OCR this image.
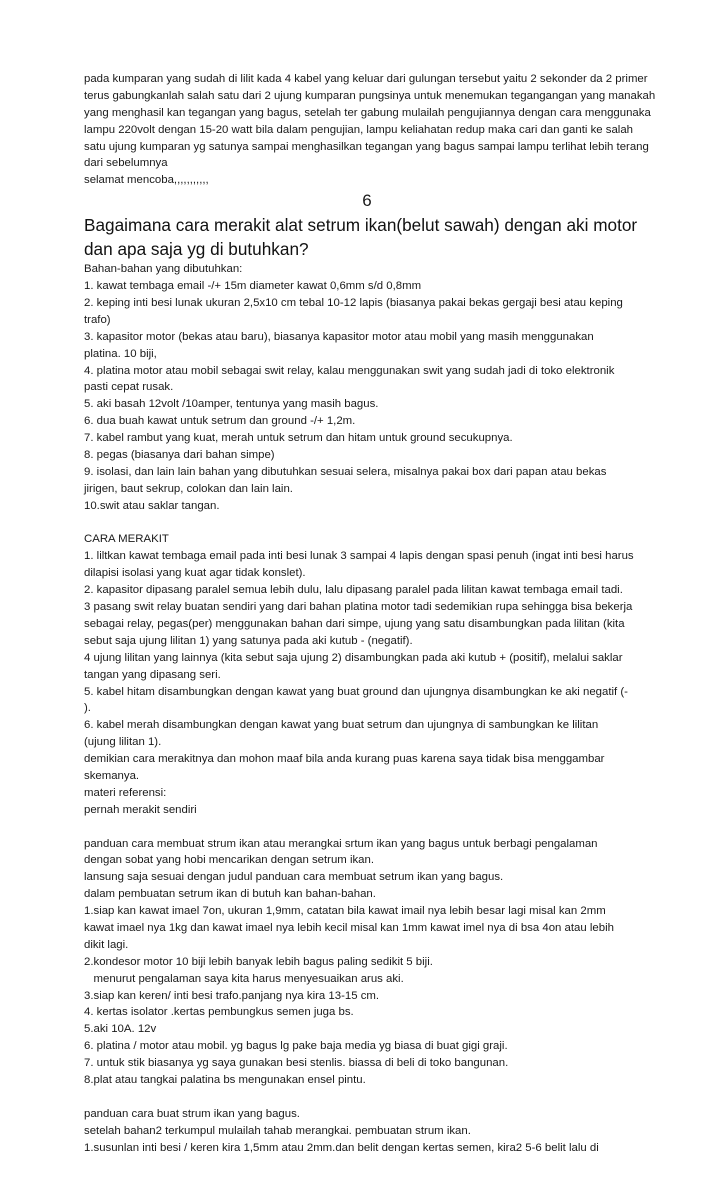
pada kumparan yang sudah di lilit kada 4 kabel yang keluar dari gulungan tersebut yaitu 2 sekonder da 2 primer
terus gabungkanlah salah satu dari 2 ujung kumparan pungsinya untuk menemukan tegangangan yang manakah
yang menghasil kan tegangan yang bagus, setelah ter gabung mulailah pengujiannya dengan cara menggunaka
lampu 220volt dengan 15-20 watt bila dalam pengujian, lampu keliahatan redup maka cari dan ganti ke salah
satu ujung kumparan yg satunya sampai menghasilkan tegangan yang bagus sampai lampu terlihat lebih terang
dari sebelumnya
selamat mencoba,,,,,,,,,,,
6
Bagaimana cara merakit alat setrum ikan(belut sawah) dengan aki motor
dan apa saja yg di butuhkan?
Bahan-bahan yang dibutuhkan:
1. kawat tembaga email -/+ 15m diameter kawat 0,6mm s/d 0,8mm
2. keping inti besi lunak ukuran 2,5x10 cm tebal 10-12 lapis (biasanya pakai bekas gergaji besi atau keping
trafo)
3. kapasitor motor (bekas atau baru), biasanya kapasitor motor atau mobil yang masih menggunakan
platina. 10 biji,
4. platina motor atau mobil sebagai swit relay, kalau menggunakan swit yang sudah jadi di toko elektronik
pasti cepat rusak.
5. aki basah 12volt /10amper, tentunya yang masih bagus.
6. dua buah kawat untuk setrum dan ground -/+ 1,2m.
7. kabel rambut yang kuat, merah untuk setrum dan hitam untuk ground secukupnya.
8. pegas (biasanya dari bahan simpe)
9. isolasi, dan lain lain bahan yang dibutuhkan sesuai selera, misalnya pakai box dari papan atau bekas
jirigen, baut sekrup, colokan dan lain lain.
10.swit atau saklar tangan.
CARA MERAKIT
1. liltkan kawat tembaga email pada inti besi lunak 3 sampai 4 lapis dengan spasi penuh (ingat inti besi harus
dilapisi isolasi yang kuat agar tidak konslet).
2. kapasitor dipasang paralel semua lebih dulu, lalu dipasang paralel pada lilitan kawat tembaga email tadi.
3 pasang swit relay buatan sendiri yang dari bahan platina motor tadi sedemikian rupa sehingga bisa bekerja
sebagai relay, pegas(per) menggunakan bahan dari simpe, ujung yang satu disambungkan pada lilitan (kita
sebut saja ujung lilitan 1) yang satunya pada aki kutub - (negatif).
4 ujung lilitan yang lainnya (kita sebut saja ujung 2) disambungkan pada aki kutub + (positif), melalui saklar
tangan yang dipasang seri.
5. kabel hitam disambungkan dengan kawat yang buat ground dan ujungnya disambungkan ke aki negatif (-
).
6. kabel merah disambungkan dengan kawat yang buat setrum dan ujungnya di sambungkan ke lilitan
(ujung lilitan 1).
demikian cara merakitnya dan mohon maaf bila anda kurang puas karena saya tidak bisa menggambar
skemanya.
materi referensi:
pernah merakit sendiri
panduan cara membuat strum ikan atau merangkai srtum ikan yang bagus untuk berbagi pengalaman
dengan sobat yang hobi mencarikan dengan setrum ikan.
lansung saja sesuai dengan judul panduan cara membuat setrum ikan yang bagus.
dalam pembuatan setrum ikan di butuh kan bahan-bahan.
1.siap kan kawat imael 7on, ukuran 1,9mm, catatan bila kawat imail nya lebih besar lagi misal kan 2mm
kawat imael nya 1kg dan kawat imael nya lebih kecil misal kan 1mm kawat imel nya di bsa 4on atau lebih
dikit lagi.
2.kondesor motor 10 biji lebih banyak lebih bagus paling sedikit 5 biji.
menurut pengalaman saya kita harus menyesuaikan arus aki.
3.siap kan keren/ inti besi trafo.panjang nya kira 13-15 cm.
4. kertas isolator .kertas pembungkus semen juga bs.
5.aki 10A. 12v
6. platina / motor atau mobil. yg bagus lg pake baja media yg biasa di buat gigi graji.
7. untuk stik biasanya yg saya gunakan besi stenlis. biassa di beli di toko bangunan.
8.plat atau tangkai palatina bs mengunakan ensel pintu.
panduan cara buat strum ikan yang bagus.
setelah bahan2 terkumpul mulailah tahab merangkai. pembuatan strum ikan.
1.susunlan inti besi / keren kira 1,5mm atau 2mm.dan belit dengan kertas semen, kira2 5-6 belit lalu di
